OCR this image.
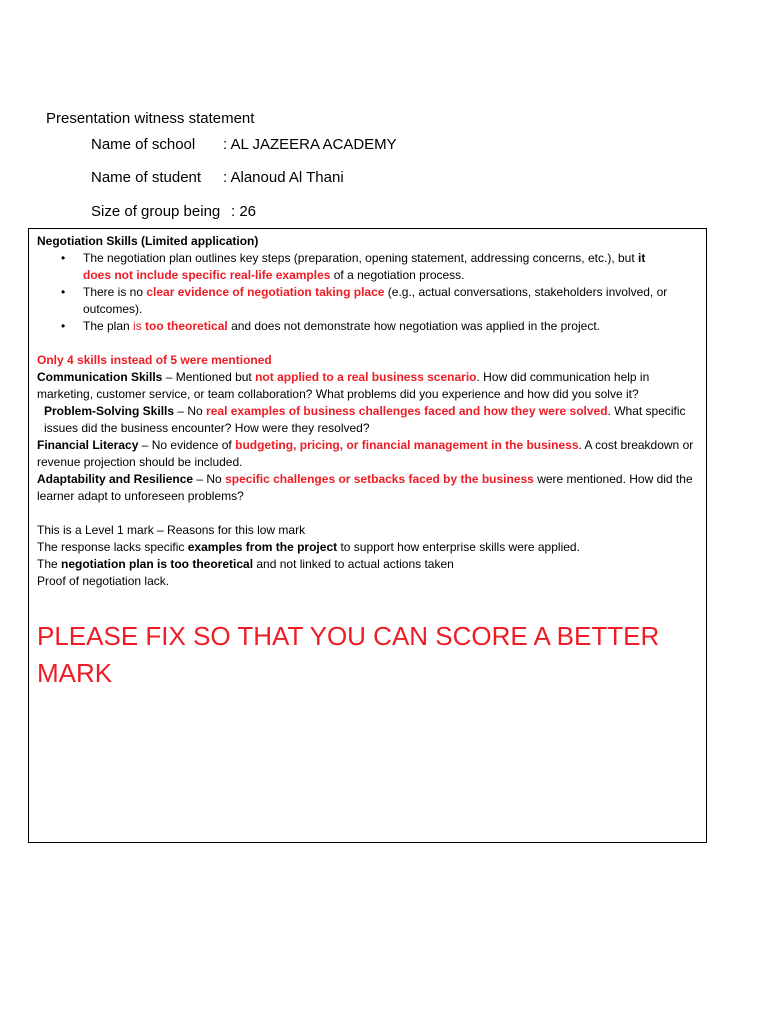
Presentation witness statement
Name of school : AL JAZEERA ACADEMY
Name of student : Alanoud Al Thani
Size of group being : 26

Negotiation Skills (Limited application)

• The negotiation plan outlines key steps (preparation, opening statement, addressing concerns, etc.), but it
does not include specific real-life examples of a negotiation process.
• There is no clear evidence of negotiation taking place (e.g., actual conversations, stakeholders involved, or outcomes).
• The plan is too theoretical and does not demonstrate how negotiation was applied in the project.

Only 4 skills instead of 5 were mentioned

Communication Skills – Mentioned but not applied to a real business scenario. How did communication help in marketing, customer service, or team collaboration? What problems did you experience and how did you solve it?

Problem-Solving Skills – No real examples of business challenges faced and how they were solved. What specific issues did the business encounter? How were they resolved?

Financial Literacy – No evidence of budgeting, pricing, or financial management in the business. A cost breakdown or revenue projection should be included.

Adaptability and Resilience – No specific challenges or setbacks faced by the business were mentioned. How did the learner adapt to unforeseen problems?

This is a Level 1 mark – Reasons for this low mark

The response lacks specific examples from the project to support how enterprise skills were applied.

The negotiation plan is too theoretical and not linked to actual actions taken

Proof of negotiation lack.

PLEASE FIX SO THAT YOU CAN SCORE A BETTER MARK
